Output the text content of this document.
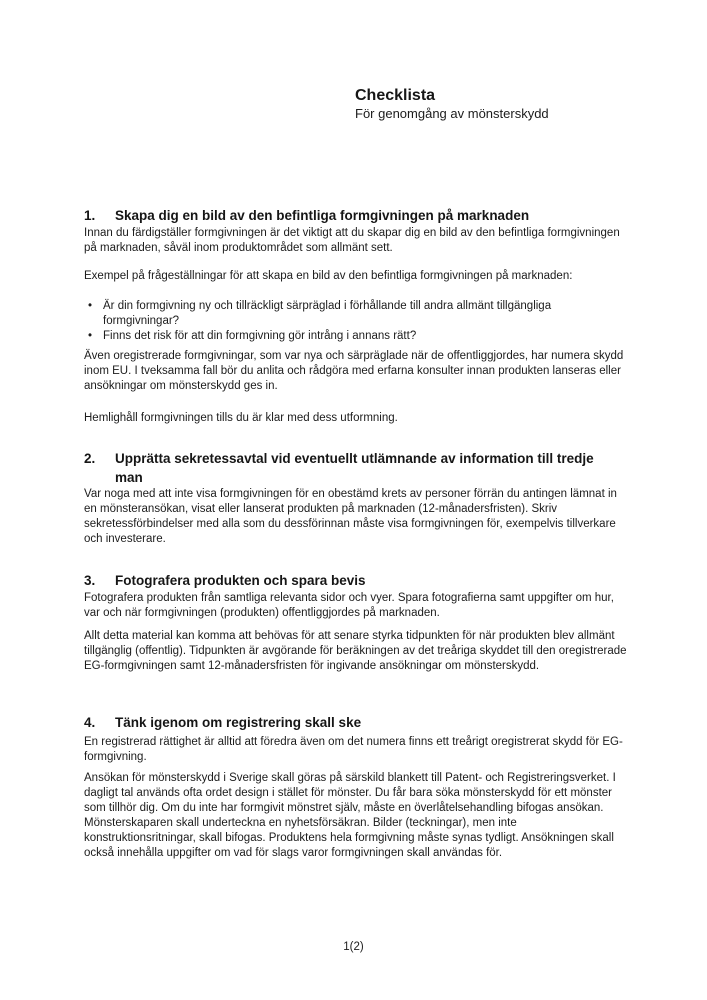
Checklista
För genomgång av mönsterskydd
1.	Skapa dig en bild av den befintliga formgivningen på marknaden

Innan du färdigställer formgivningen är det viktigt att du skapar dig en bild av den befintliga formgivningen på marknaden, såväl inom produktområdet som allmänt sett.

Exempel på frågeställningar för att skapa en bild av den befintliga formgivningen på marknaden:

• Är din formgivning ny och tillräckligt särpräglad i förhållande till andra allmänt tillgängliga formgivningar?
• Finns det risk för att din formgivning gör intrång i annans rätt?

Även oregistrerade formgivningar, som var nya och särpräglade när de offentliggjordes, har numera skydd inom EU. I tveksamma fall bör du anlita och rådgöra med erfarna konsulter innan produkten lanseras eller ansökningar om mönsterskydd ges in.

Hemlighåll formgivningen tills du är klar med dess utformning.

2.	Upprätta sekretessavtal vid eventuellt utlämnande av information till tredje man

Var noga med att inte visa formgivningen för en obestämd krets av personer förrän du antingen lämnat in en mönsteransökan, visat eller lanserat produkten på marknaden (12-månadersfristen). Skriv sekretessförbindelser med alla som du dessförinnan måste visa formgivningen för, exempelvis tillverkare och investerare.

3.	Fotografera produkten och spara bevis

Fotografera produkten från samtliga relevanta sidor och vyer. Spara fotografierna samt uppgifter om hur, var och när formgivningen (produkten) offentliggjordes på marknaden.

Allt detta material kan komma att behövas för att senare styrka tidpunkten för när produkten blev allmänt tillgänglig (offentlig). Tidpunkten är avgörande för beräkningen av det treåriga skyddet till den oregistrerade EG-formgivningen samt 12-månadersfristen för ingivande ansökningar om mönsterskydd.

4.	Tänk igenom om registrering skall ske

En registrerad rättighet är alltid att föredra även om det numera finns ett treårigt oregistrerat skydd för EG-formgivning.

Ansökan för mönsterskydd i Sverige skall göras på särskild blankett till Patent- och Registreringsverket. I dagligt tal används ofta ordet design i stället för mönster. Du får bara söka mönsterskydd för ett mönster som tillhör dig. Om du inte har formgivit mönstret själv, måste en överlåtelsehandling bifogas ansökan. Mönsterskaparen skall underteckna en nyhetsförsäkran. Bilder (teckningar), men inte konstruktionsritningar, skall bifogas. Produktens hela formgivning måste synas tydligt. Ansökningen skall också innehålla uppgifter om vad för slags varor formgivningen skall användas för.

1(2)
